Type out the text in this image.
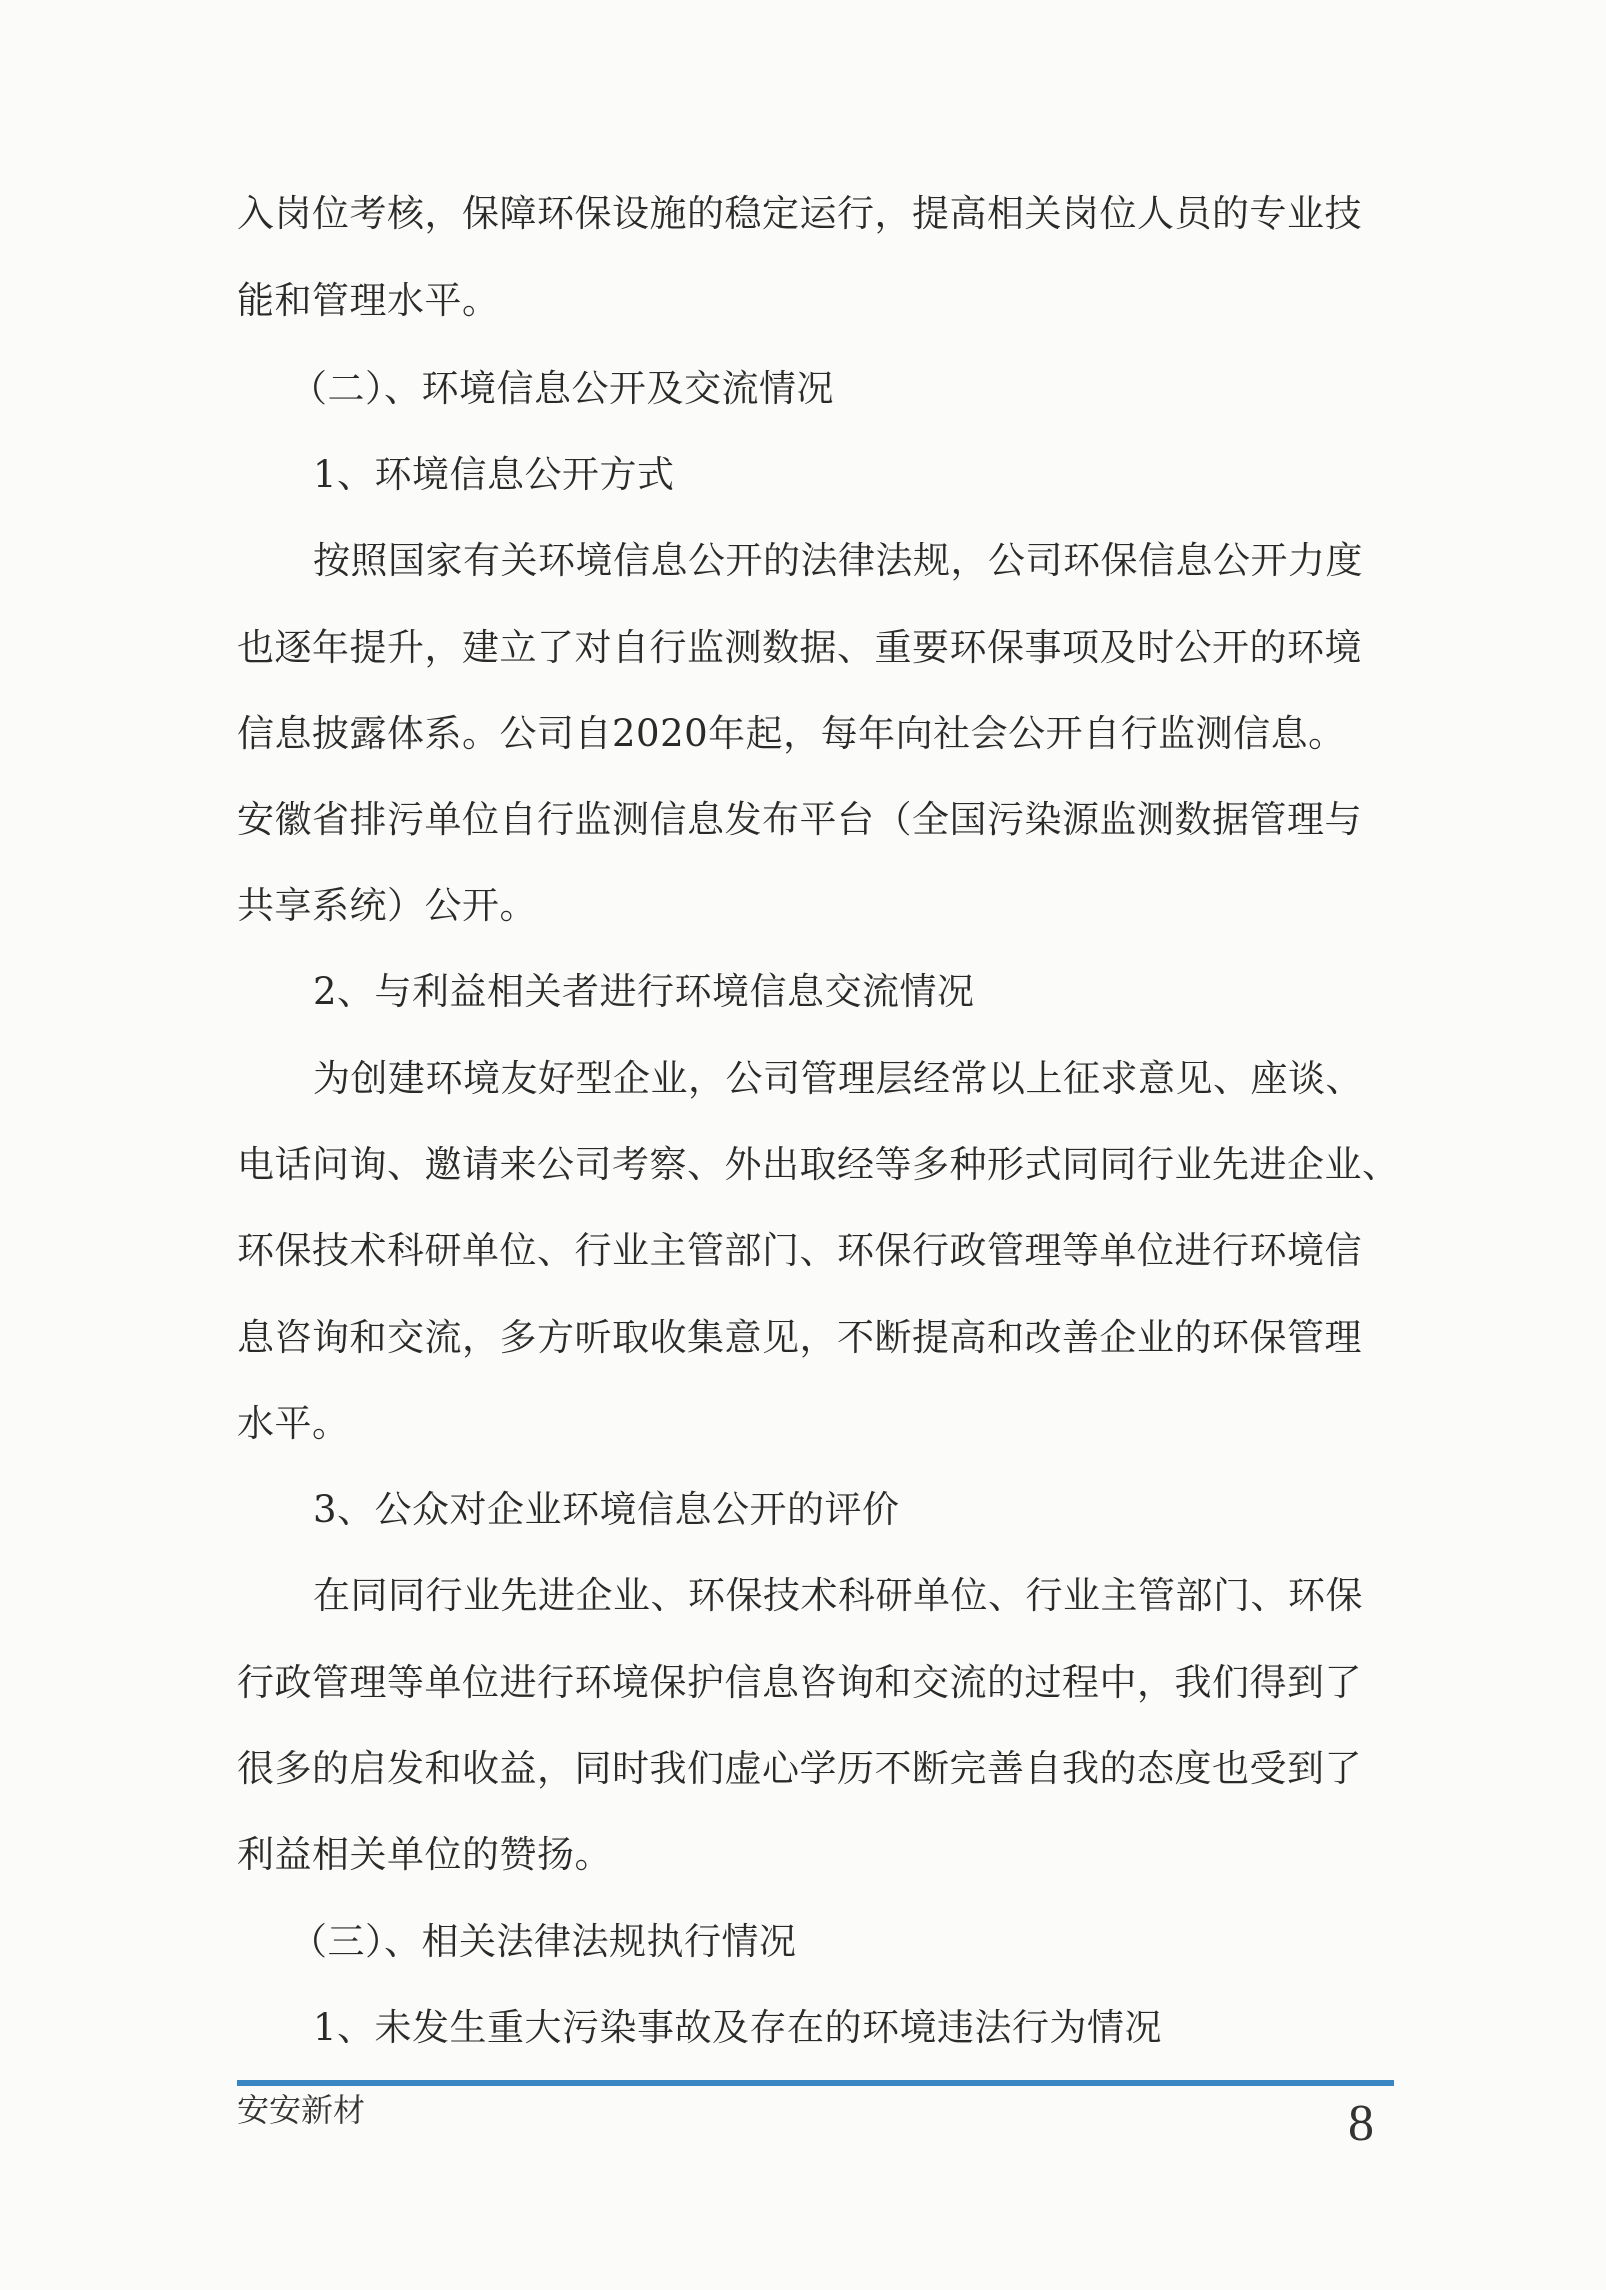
入岗位考核，保障环保设施的稳定运行，提高相关岗位人员的专业技
能和管理水平。
（二）、环境信息公开及交流情况
1、环境信息公开方式
按照国家有关环境信息公开的法律法规，公司环保信息公开力度
也逐年提升，建立了对自行监测数据、重要环保事项及时公开的环境
信息披露体系。公司自2020年起，每年向社会公开自行监测信息。
安徽省排污单位自行监测信息发布平台（全国污染源监测数据管理与
共享系统）公开。
2、与利益相关者进行环境信息交流情况
为创建环境友好型企业，公司管理层经常以上征求意见、座谈、
电话问询、邀请来公司考察、外出取经等多种形式同同行业先进企业、
环保技术科研单位、行业主管部门、环保行政管理等单位进行环境信
息咨询和交流，多方听取收集意见，不断提高和改善企业的环保管理
水平。
3、公众对企业环境信息公开的评价
在同同行业先进企业、环保技术科研单位、行业主管部门、环保
行政管理等单位进行环境保护信息咨询和交流的过程中，我们得到了
很多的启发和收益，同时我们虚心学历不断完善自我的态度也受到了
利益相关单位的赞扬。
（三）、相关法律法规执行情况
1、未发生重大污染事故及存在的环境违法行为情况
安安新材	8
